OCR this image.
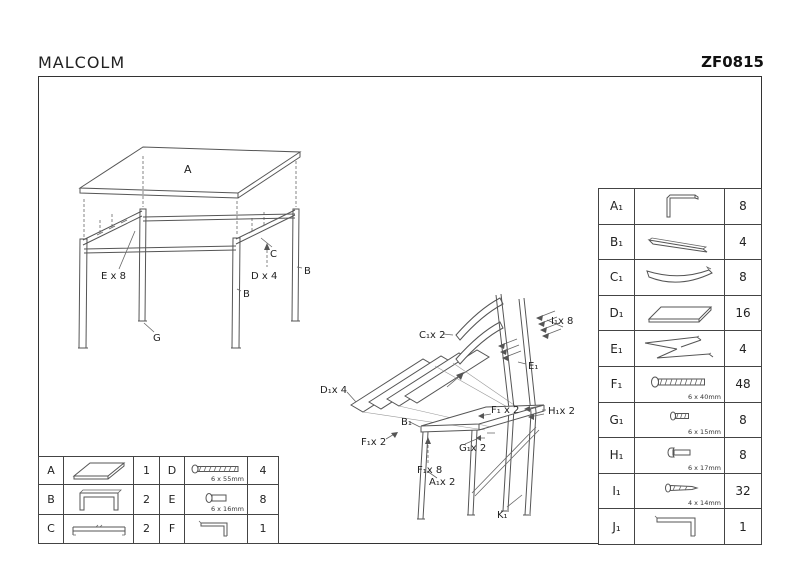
MALCOLM	ZF0815
A
E x 8	D x 4
C
B
B
G	C₁x 2
I₁x 8
E₁
D₁x 4
H₁x 2
F₁ x 2
B₁
F₁x 2
G₁x 2
F₁x 8
A₁x 2
K₁
A		1	D	6 x 55mm	4
B		2	E	6 x 16mm	8
C		2	F		1
A₁		8
B₁		4
C₁		8
D₁		16
E₁		4
F₁	6 x 40mm	48
G₁	6 x 15mm	8
H₁	6 x 17mm	8
I₁	4 x 14mm	32
J₁		1
